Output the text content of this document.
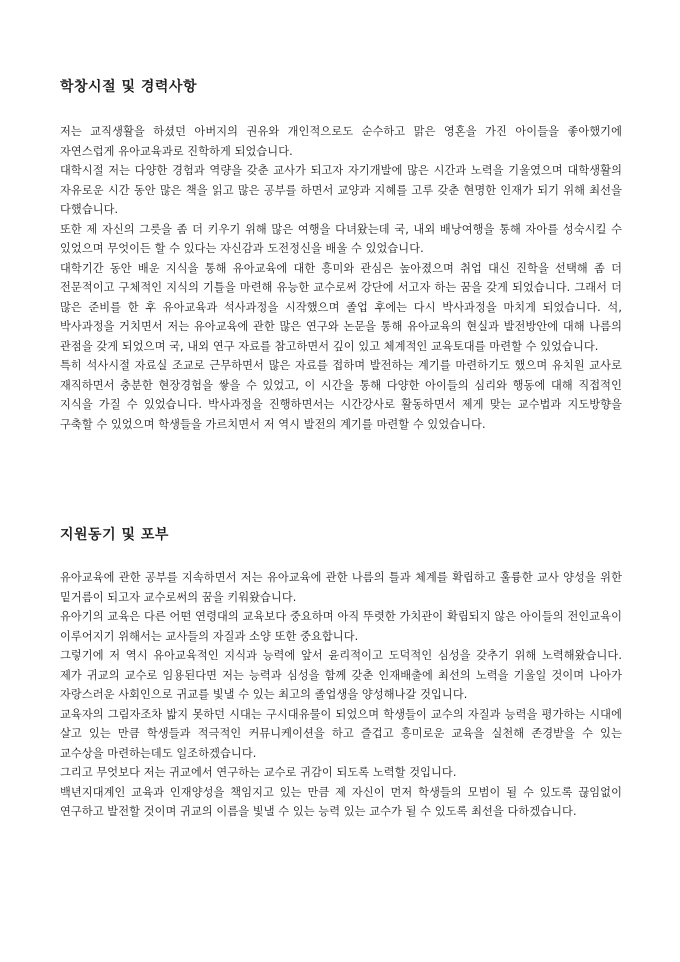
학창시절 및 경력사항

저는 교직생활을 하셨던 아버지의 권유와 개인적으로도 순수하고 맑은 영혼을 가진 아이들을 좋아했기에 자연스럽게 유아교육과로 진학하게 되었습니다.

대학시절 저는 다양한 경험과 역량을 갖춘 교사가 되고자 자기개발에 많은 시간과 노력을 기울였으며 대학생활의 자유로운 시간 동안 많은 책을 읽고 많은 공부를 하면서 교양과 지혜를 고루 갖춘 현명한 인재가 되기 위해 최선을 다했습니다.

또한 제 자신의 그릇을 좀 더 키우기 위해 많은 여행을 다녀왔는데 국, 내외 배낭여행을 통해 자아를 성숙시킬 수 있었으며 무엇이든 할 수 있다는 자신감과 도전정신을 배울 수 있었습니다.

대학기간 동안 배운 지식을 통해 유아교육에 대한 흥미와 관심은 높아졌으며 취업 대신 진학을 선택해 좀 더 전문적이고 구체적인 지식의 기틀을 마련해 유능한 교수로써 강단에 서고자 하는 꿈을 갖게 되었습니다. 그래서 더 많은 준비를 한 후 유아교육과 석사과정을 시작했으며 졸업 후에는 다시 박사과정을 마치게 되었습니다. 석, 박사과정을 거치면서 저는 유아교육에 관한 많은 연구와 논문을 통해 유아교육의 현실과 발전방안에 대해 나름의 관점을 갖게 되었으며 국, 내외 연구 자료를 참고하면서 깊이 있고 체계적인 교육토대를 마련할 수 있었습니다.

특히 석사시절 자료실 조교로 근무하면서 많은 자료를 접하며 발전하는 계기를 마련하기도 했으며 유치원 교사로 재직하면서 충분한 현장경험을 쌓을 수 있었고, 이 시간을 통해 다양한 아이들의 심리와 행동에 대해 직접적인 지식을 가질 수 있었습니다. 박사과정을 진행하면서는 시간강사로 활동하면서 제게 맞는 교수법과 지도방향을 구축할 수 있었으며 학생들을 가르치면서 저 역시 발전의 계기를 마련할 수 있었습니다.

지원동기 및 포부

유아교육에 관한 공부를 지속하면서 저는 유아교육에 관한 나름의 틀과 체계를 확립하고 훌륭한 교사 양성을 위한 밑거름이 되고자 교수로써의 꿈을 키워왔습니다.

유아기의 교육은 다른 어떤 연령대의 교육보다 중요하며 아직 뚜렷한 가치관이 확립되지 않은 아이들의 전인교육이 이루어지기 위해서는 교사들의 자질과 소양 또한 중요합니다.

그렇기에 저 역시 유아교육적인 지식과 능력에 앞서 윤리적이고 도덕적인 심성을 갖추기 위해 노력해왔습니다. 제가 귀교의 교수로 임용된다면 저는 능력과 심성을 함께 갖춘 인재배출에 최선의 노력을 기울일 것이며 나아가 자랑스러운 사회인으로 귀교를 빛낼 수 있는 최고의 졸업생을 양성해나갈 것입니다.

교육자의 그림자조차 밟지 못하던 시대는 구시대유물이 되었으며 학생들이 교수의 자질과 능력을 평가하는 시대에 살고 있는 만큼 학생들과 적극적인 커뮤니케이션을 하고 즐겁고 흥미로운 교육을 실천해 존경받을 수 있는 교수상을 마련하는데도 일조하겠습니다.

그리고 무엇보다 저는 귀교에서 연구하는 교수로 귀감이 되도록 노력할 것입니다.

백년지대계인 교육과 인재양성을 책임지고 있는 만큼 제 자신이 먼저 학생들의 모범이 될 수 있도록 끊임없이 연구하고 발전할 것이며 귀교의 이름을 빛낼 수 있는 능력 있는 교수가 될 수 있도록 최선을 다하겠습니다.
